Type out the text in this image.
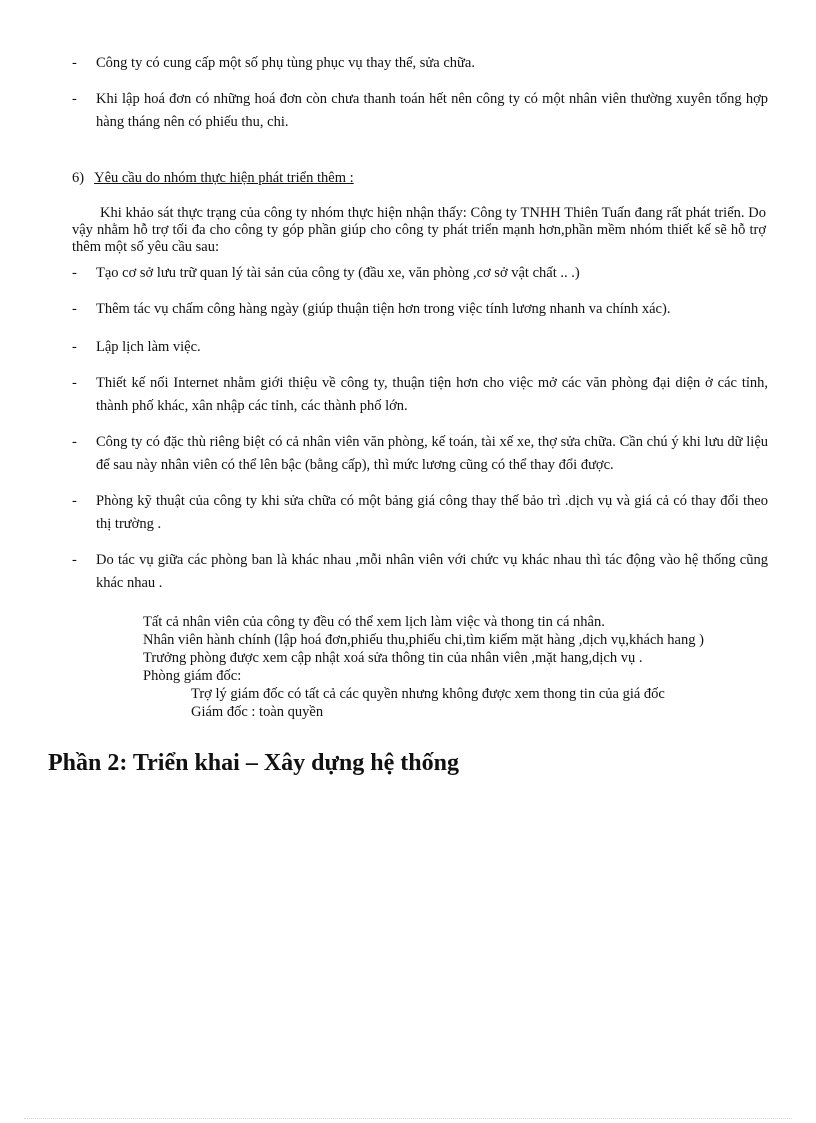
- Công ty có cung cấp một số phụ tùng phục vụ thay thế, sửa chữa.
- Khi lập hoá đơn có những hoá đơn còn chưa thanh toán hết nên công ty có một nhân viên thường xuyên tổng hợp hàng tháng nên có phiếu thu, chi.
6) Yêu cầu do nhóm thực hiện phát triển thêm :
Khi khảo sát thực trạng của công ty nhóm thực hiện nhận thấy: Công ty TNHH Thiên Tuấn đang rất phát triển. Do vậy nhằm hỗ trợ tối đa cho công ty góp phần giúp cho công ty phát triển mạnh hơn,phần mềm nhóm thiết kế sẽ hỗ trợ thêm một số yêu cầu sau:
- Tạo cơ sở lưu trữ quan lý tài sản của công ty (đầu xe, văn phòng ,cơ sở vật chất .. .)
- Thêm tác vụ chấm công hàng ngày (giúp thuận tiện hơn trong việc tính lương nhanh va chính xác).
- Lập lịch làm việc.
- Thiết kế nối Internet nhằm giới thiệu về công ty, thuận tiện hơn cho việc mở các văn phòng đại diện ở các tỉnh, thành phố khác, xân nhập các tỉnh, các thành phố lớn.
- Công ty có đặc thù riêng biệt có cả nhân viên văn phòng, kế toán, tài xế xe, thợ sửa chữa. Cần chú ý khi lưu dữ liệu để sau này nhân viên có thể lên bậc (bằng cấp), thì mức lương cũng có thể thay đổi được.
- Phòng kỹ thuật của công ty khi sửa chữa có một bảng giá công thay thế bảo trì .dịch vụ và giá cả có thay đổi theo thị trường .
- Do tác vụ giữa các phòng ban là khác nhau ,mỗi nhân viên với chức vụ khác nhau thì tác động vào hệ thống cũng khác nhau .
Tất cả nhân viên của công ty đều có thể xem lịch làm việc và thong tin cá nhân.
Nhân viên hành chính (lập hoá đơn,phiếu thu,phiếu chi,tìm kiếm mặt hàng ,dịch vụ,khách hang )
Trưởng phòng được xem cập nhật xoá sửa thông tin của nhân viên ,mặt hang,dịch vụ .
Phòng giám đốc:
Trợ lý giám đốc có tất cả các quyền nhưng không được xem thong tin của giá đốc
Giám đốc : toàn quyền
Phần 2: Triển khai – Xây dựng hệ thống
